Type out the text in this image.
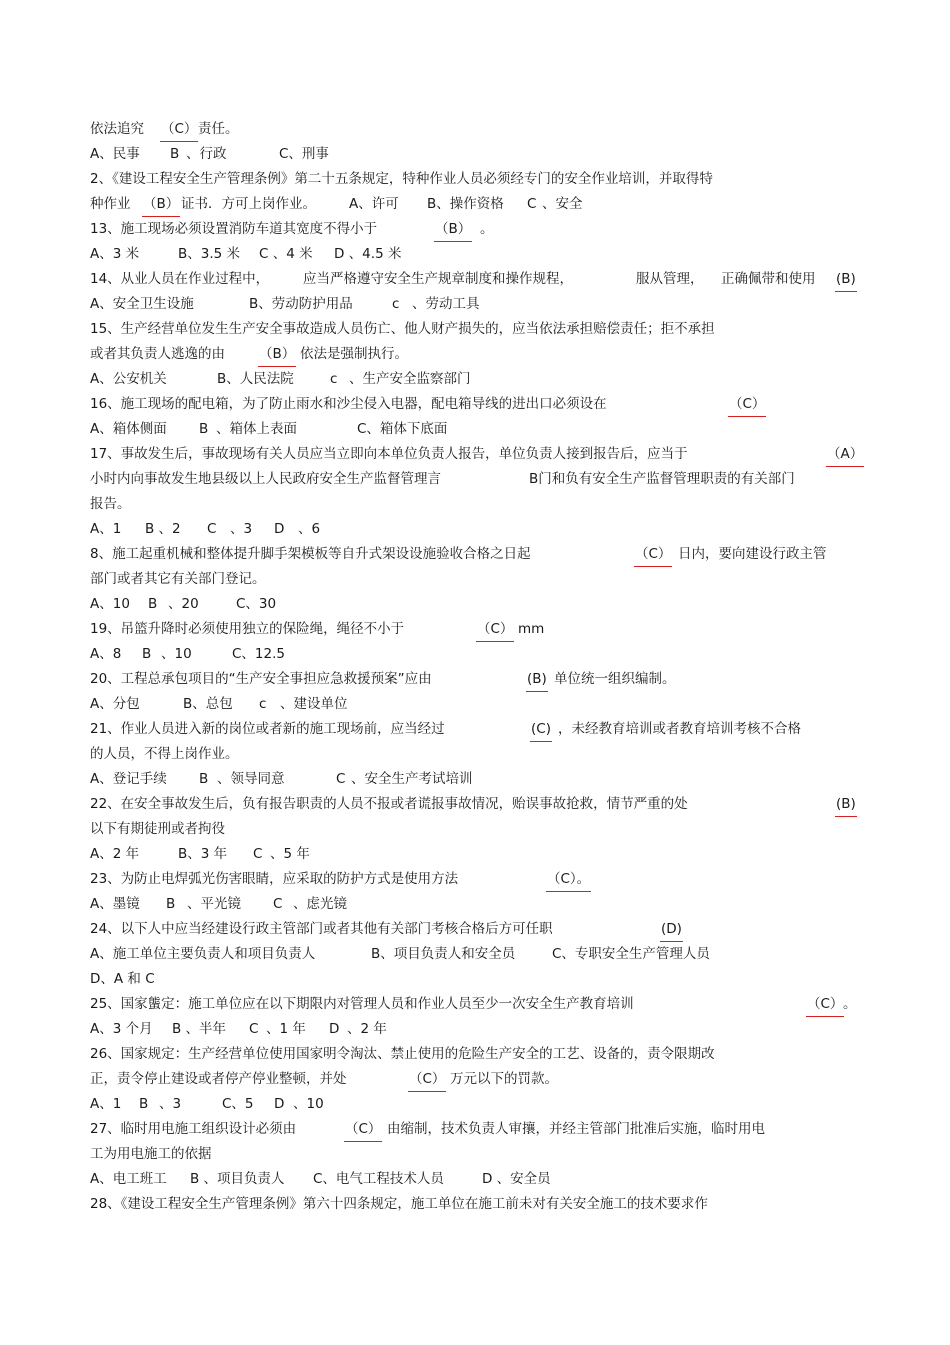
依法追究 （C） 责任。
A、民事 B 、行政	C、刑事
2、《建设工程安全生产管理条例》第二十五条规定，特种作业人员必须经专门的安全作业培训，并取得特
种作业 （B） 证书．方可上岗作业。 A、许可 B、操作资格 C 、安全
13、施工现场必须设置消防车道其宽度不得小于	（B） 。
A、3 米	B、3.5 米 C 、4 米 D 、4.5 米
14、从业人员在作业过程中，	应当严格遵守安全生产规章制度和操作规程，	服从管理， 正确佩带和使用 (B)
A、安全卫生设施	B、劳动防护用品	c 、劳动工具
15、生产经营单位发生生产安全事故造成人员伤亡、他人财产损失的，应当依法承担赔偿责任；拒不承担
或者其负责人逃逸的由	（B） 依法是强制执行。
A、公安机关	B、人民法院	c 、生产安全监察部门
16、施工现场的配电箱，为了防止雨水和沙尘侵入电器，配电箱导线的进出口必须设在	（C）
A、箱体侧面 B 、箱体上表面	C、箱体下底面
17、事故发生后，事故现场有关人员应当立即向本单位负责人报告，单位负责人接到报告后，应当于	（A）
小时内向事故发生地县级以上人民政府安全生产监督管理言	B门和负有安全生产监督管理职责的有关部门
报告。
A、1 B 、2 C 、3 D 、6
8、施工起重机械和整体提升脚手架模板等自升式架设设施验收合格之日起	（C） 日内，要向建设行政主管
部门或者其它有关部门登记。
A、10 B 、20	C、30
19、吊篮升降时必须使用独立的保险绳，绳径不小于	（C） mm
A、8 B 、10	C、12.5
20、工程总承包项目的“生产安全事担应急救援预案”应由	(B) 单位统一组织编制。
A、分包	B、总包 c 、建设单位
21、作业人员进入新的岗位或者新的施工现场前，应当经过	(C) ，未经教育培训或者教育培训考核不合格
的人员，不得上岗作业。
A、登记手续 B 、领导同意	C 、安全生产考试培训
22、在安全事故发生后，负有报告职责的人员不报或者谎报事故情况，贻误事故抢救，情节严重的处	(B)
以下有期徒刑或者拘役
A、2 年	B、3 年 C 、5 年
23、为防止电焊弧光伤害眼睛，应采取的防护方式是使用方法	（C）。
A、墨镜 B 、平光镜 C 、虑光镜
24、以下人中应当经建设行政主管部门或者其他有关部门考核合格后方可任职	(D)
A、施工单位主要负责人和项目负责人	B、项目负责人和安全员	C、专职安全生产管理人员
D、A 和 C
25、国家螚定：施工单位应在以下期限内对管理人员和作业人员至少一次安全生产教育培训	（C） 。
A、3 个月 B 、半年 C 、1 年 D 、2 年
26、国家规定：生产经营单位使用国家明令淘汰、禁止使用的危险生产安全的工艺、设备的，责令限期改
正，责令停止建设或者停产停业整顿，并处	（C） 万元以下的罚款。
A、1 B 、3	C、5 D 、10
27、临时用电施工组织设计必须由	（C） 由缩制，技术负责人审攘，并经主管部门批准后实施，临时用电
工为用电施工的依据
A、电工班工 B 、项目负责人 C、电气工程技术人员	D 、安全员
28、《建设工程安全生产管理条例》第六十四条规定，施工单位在施工前未对有关安全施工的技术要求作
